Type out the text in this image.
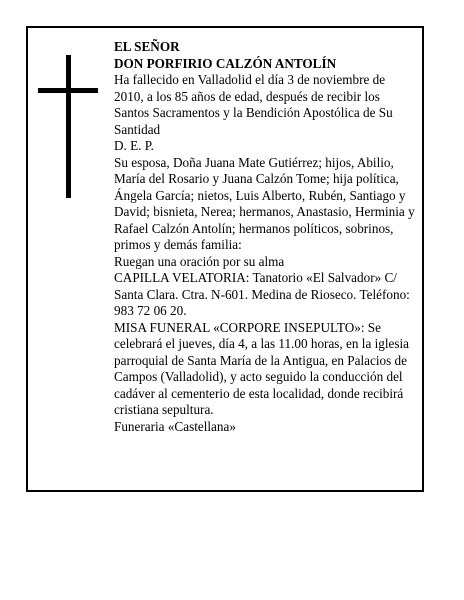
EL SEÑOR

DON PORFIRIO CALZÓN ANTOLÍN

Ha fallecido en Valladolid el día 3 de noviembre de 2010, a los 85 años de edad, después de recibir los Santos Sacramentos y la Bendición Apostólica de Su Santidad

D. E. P.

Su esposa, Doña Juana Mate Gutiérrez; hijos, Abilio, María del Rosario y Juana Calzón Tome; hija política, Ángela García; nietos, Luis Alberto, Rubén, Santiago y David; bisnieta, Nerea; hermanos, Anastasio, Herminia y Rafael Calzón Antolín; hermanos políticos, sobrinos, primos y demás familia:

Ruegan una oración por su alma

CAPILLA VELATORIA: Tanatorio «El Salvador» C/ Santa Clara. Ctra. N-601. Medina de Rioseco. Teléfono: 983 72 06 20.

MISA FUNERAL «CORPORE INSEPULTO»: Se celebrará el jueves, día 4, a las 11.00 horas, en la iglesia parroquial de Santa María de la Antigua, en Palacios de Campos (Valladolid), y acto seguido la conducción del cadáver al cementerio de esta localidad, donde recibirá cristiana sepultura.

Funeraria «Castellana»
